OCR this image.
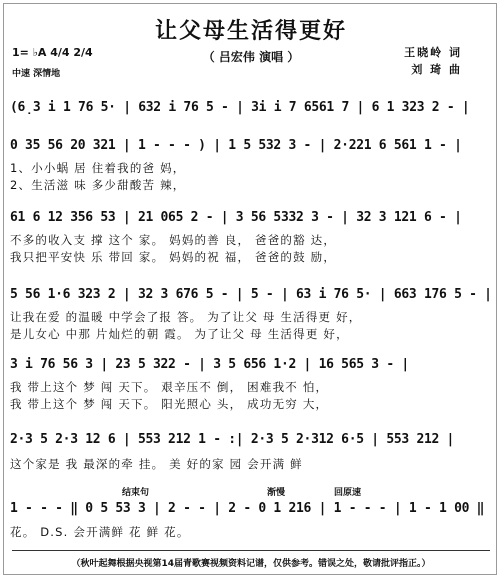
让父母生活得更好
（ 吕宏伟 演唱 ）	王晓岭 词
刘 琦 曲
1= ♭A 4/4 2/4
中速 深情地
(6̣3 i 1 76 5· | 632 i 76 5 - | 3i i 7 6561 7 | 6 1 323 2 - |
0 35 56 20 321 | 1 - - - ) | 1 5 532 3 - | 2·221 6 561 1 - |
1、小小蜗 居 住着我的爸 妈，
2、生活滋 味 多少甜酸苦 辣，
61 6 12 356 53 | 21 065 2 - | 3 56 5332 3 - | 32 3 121 6 - |
不多的收入支 撑 这个 家。 妈妈的善 良， 爸爸的豁 达，
我只把平安快 乐 带回 家。 妈妈的祝 福， 爸爸的鼓 励，
5 56 1·6 323 2 | 32 3 676 5 - | 5 - | 63 i 76 5· | 663 176 5 - |
让我在爱 的温暖 中学会了报 答。 为了让父 母 生活得更 好，
是儿女心 中那 片灿烂的朝 霞。 为了让父 母 生活得更 好，
3 i 76 56 3 | 23 5 322 - | 3 5 656 1·2 | 16 565 3 - |
我 带上这个 梦 闯 天下。 艰辛压不 倒， 困难我不 怕，
我 带上这个 梦 闯 天下。 阳光照心 头， 成功无穷 大，
2·3 5 2·3 12 6 | 553 212 1 - :| 2·3 5 2·312 6·5 | 553 212 |
这个家是 我 最深的牵 挂。 美 好的家 园 会开满 鲜
结束句	渐慢	回原速
1 - - - ‖ 0 5 53 3 | 2 - - | 2 - 0 1 216 | 1 - - - | 1 - 1 00 ‖
花。 D.S. 会开满鲜 花 鲜 花。
（秋叶起舞根据央视第14届青歌赛视频资料记谱，仅供参考。错误之处，敬请批评指正。）
